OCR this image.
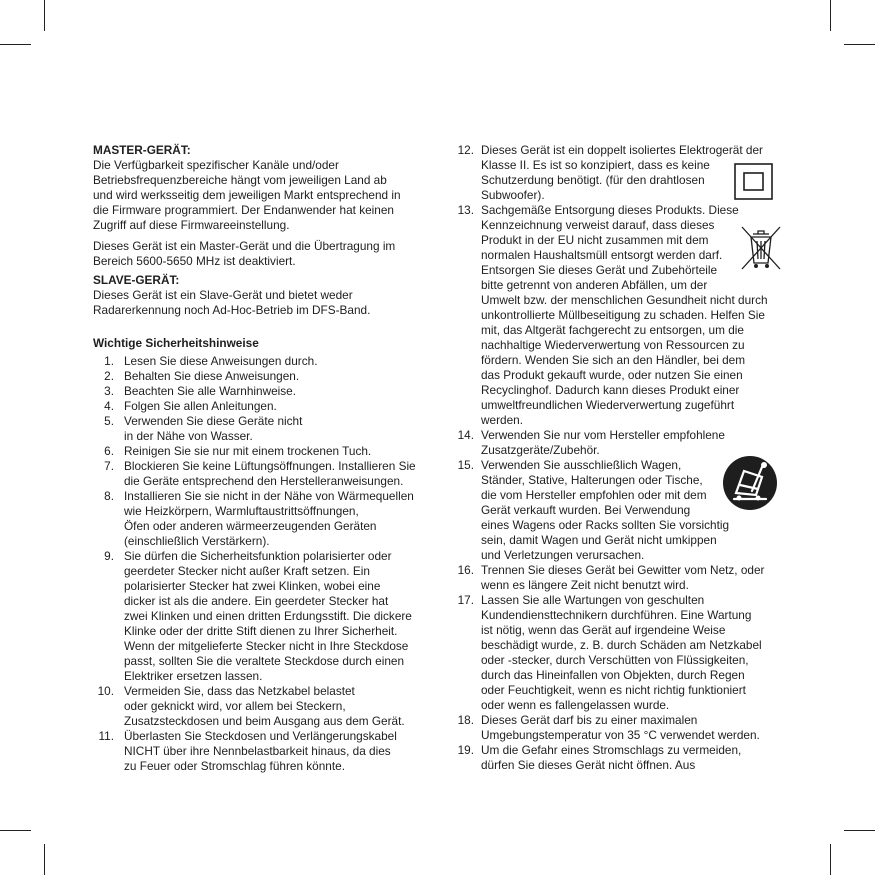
MASTER-GERÄT:

Die Verfügbarkeit spezifischer Kanäle und/oder
Betriebsfrequenzbereiche hängt vom jeweiligen Land ab
und wird werksseitig dem jeweiligen Markt entsprechend in
die Firmware programmiert. Der Endanwender hat keinen
Zugriff auf diese Firmwareeinstellung.

Dieses Gerät ist ein Master-Gerät und die Übertragung im
Bereich 5600-5650 MHz ist deaktiviert.

SLAVE-GERÄT:

Dieses Gerät ist ein Slave-Gerät und bietet weder
Radarerkennung noch Ad-Hoc-Betrieb im DFS-Band.

Wichtige Sicherheitshinweise

1. Lesen Sie diese Anweisungen durch.
2. Behalten Sie diese Anweisungen.
3. Beachten Sie alle Warnhinweise.
4. Folgen Sie allen Anleitungen.
5. Verwenden Sie diese Geräte nicht
in der Nähe von Wasser.
6. Reinigen Sie sie nur mit einem trockenen Tuch.
7. Blockieren Sie keine Lüftungsöffnungen. Installieren Sie
die Geräte entsprechend den Herstelleranweisungen.
8. Installieren Sie sie nicht in der Nähe von Wärmequellen
wie Heizkörpern, Warmluftaustrittsöffnungen,
Öfen oder anderen wärmeerzeugenden Geräten
(einschließlich Verstärkern).
9. Sie dürfen die Sicherheitsfunktion polarisierter oder
geerdeter Stecker nicht außer Kraft setzen. Ein
polarisierter Stecker hat zwei Klinken, wobei eine
dicker ist als die andere. Ein geerdeter Stecker hat
zwei Klinken und einen dritten Erdungsstift. Die dickere
Klinke oder der dritte Stift dienen zu Ihrer Sicherheit.
Wenn der mitgelieferte Stecker nicht in Ihre Steckdose
passt, sollten Sie die veraltete Steckdose durch einen
Elektriker ersetzen lassen.
10. Vermeiden Sie, dass das Netzkabel belastet
oder geknickt wird, vor allem bei Steckern,
Zusatzsteckdosen und beim Ausgang aus dem Gerät.
11. Überlasten Sie Steckdosen und Verlängerungskabel
NICHT über ihre Nennbelastbarkeit hinaus, da dies
zu Feuer oder Stromschlag führen könnte.
12. Dieses Gerät ist ein doppelt isoliertes Elektrogerät der
Klasse II. Es ist so konzipiert, dass es keine
Schutzerdung benötigt. (für den drahtlosen
Subwoofer).
13. Sachgemäße Entsorgung dieses Produkts. Diese
Kennzeichnung verweist darauf, dass dieses
Produkt in der EU nicht zusammen mit dem
normalen Haushaltsmüll entsorgt werden darf.
Entsorgen Sie dieses Gerät und Zubehörteile
bitte getrennt von anderen Abfällen, um der
Umwelt bzw. der menschlichen Gesundheit nicht durch
unkontrollierte Müllbeseitigung zu schaden. Helfen Sie
mit, das Altgerät fachgerecht zu entsorgen, um die
nachhaltige Wiederverwertung von Ressourcen zu
fördern. Wenden Sie sich an den Händler, bei dem
das Produkt gekauft wurde, oder nutzen Sie einen
Recyclinghof. Dadurch kann dieses Produkt einer
umweltfreundlichen Wiederverwertung zugeführt
werden.
14. Verwenden Sie nur vom Hersteller empfohlene
Zusatzgeräte/Zubehör.
15. Verwenden Sie ausschließlich Wagen,
Ständer, Stative, Halterungen oder Tische,
die vom Hersteller empfohlen oder mit dem
Gerät verkauft wurden. Bei Verwendung
eines Wagens oder Racks sollten Sie vorsichtig
sein, damit Wagen und Gerät nicht umkippen
und Verletzungen verursachen.
16. Trennen Sie dieses Gerät bei Gewitter vom Netz, oder
wenn es längere Zeit nicht benutzt wird.
17. Lassen Sie alle Wartungen von geschulten
Kundendiensttechnikern durchführen. Eine Wartung
ist nötig, wenn das Gerät auf irgendeine Weise
beschädigt wurde, z. B. durch Schäden am Netzkabel
oder -stecker, durch Verschütten von Flüssigkeiten,
durch das Hineinfallen von Objekten, durch Regen
oder Feuchtigkeit, wenn es nicht richtig funktioniert
oder wenn es fallengelassen wurde.
18. Dieses Gerät darf bis zu einer maximalen
Umgebungstemperatur von 35 °C verwendet werden.
19. Um die Gefahr eines Stromschlags zu vermeiden,
dürfen Sie dieses Gerät nicht öffnen. Aus
